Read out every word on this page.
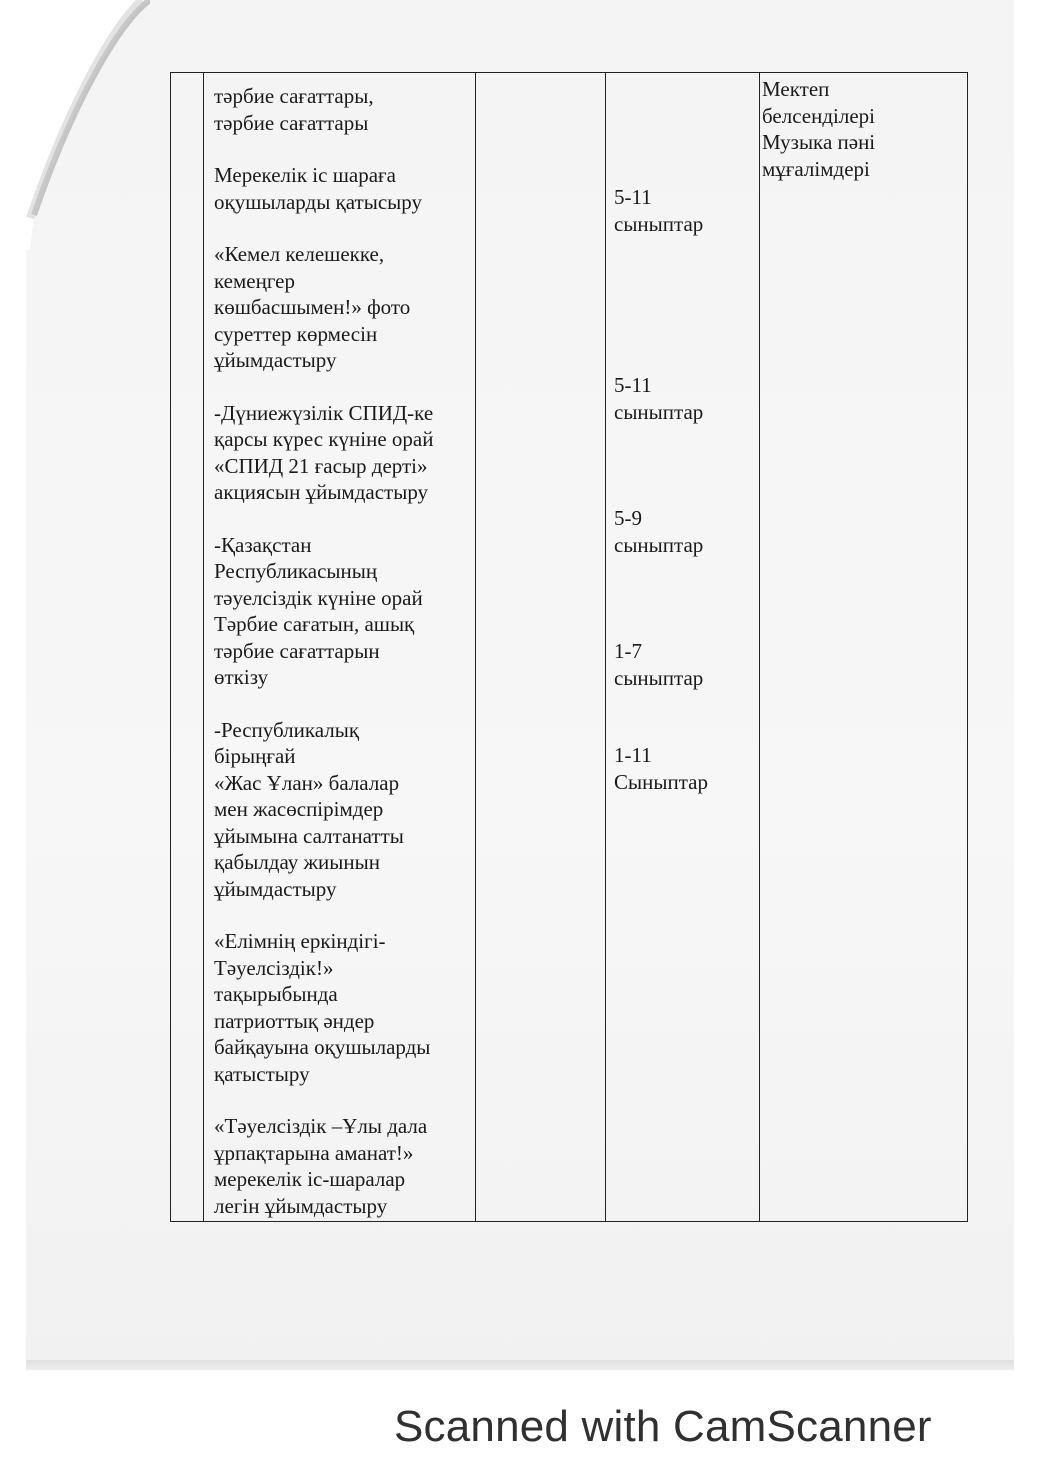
тәрбие сағаттары,
тәрбие сағаттары

Мерекелік іс шараға
оқушыларды қатысыру

«Кемел келешекке,
кемеңгер
көшбасшымен!» фото
суреттер көрмесін
ұйымдастыру

-Дүниежүзілік СПИД-ке
қарсы күрес күніне орай
«СПИД 21 ғасыр дерті»
акциясын ұйымдастыру

-Қазақстан
Республикасының
тәуелсіздік күніне орай
Тәрбие сағатын, ашық
тәрбие сағаттарын
өткізу

-Республикалық
бірыңғай
«Жас Ұлан» балалар
мен жасөспірімдер
ұйымына салтанатты
қабылдау жиынын
ұйымдастыру

«Елімнің еркіндігі-
Тәуелсіздік!»
тақырыбында
патриоттық әндер
байқауына оқушыларды
қатыстыру

«Тәуелсіздік –Ұлы дала
ұрпақтарына аманат!»
мерекелік іс-шаралар
легін ұйымдастыру

5-11
сыныптар
5-11
сыныптар
5-9
сыныптар
1-7
сыныптар
1-11
Сыныптар
Мектеп
белсенділері
Музыка пәні
мұғалімдері
Scanned with CamScanner
